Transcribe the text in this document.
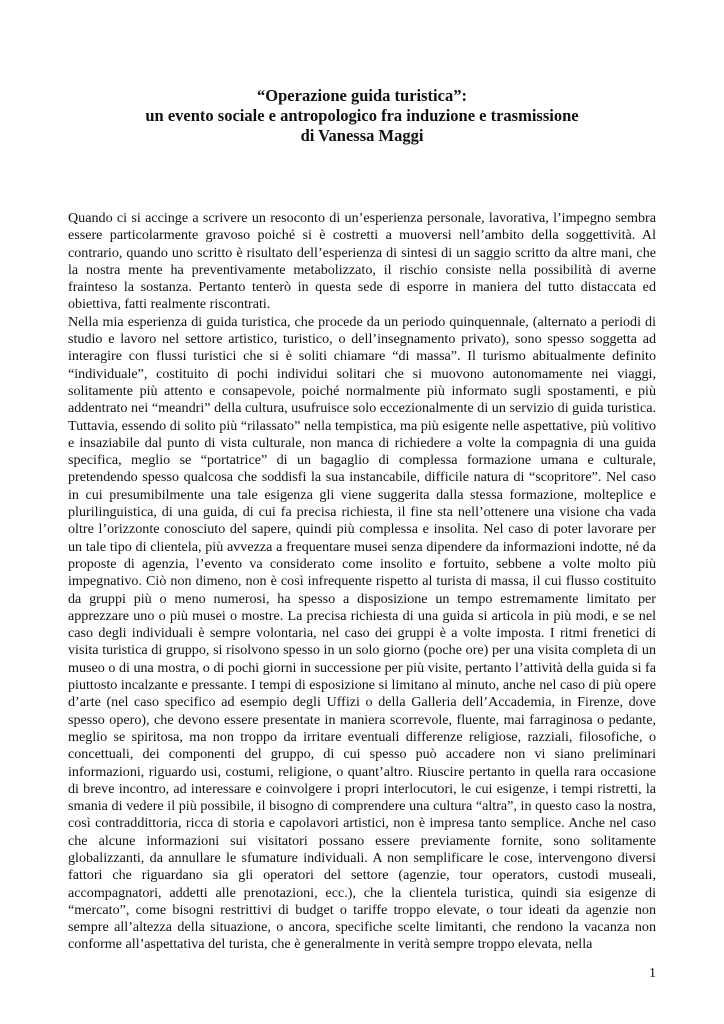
“Operazione guida turistica”:
un evento sociale e antropologico fra induzione e trasmissione
di Vanessa Maggi

Quando ci si accinge a scrivere un resoconto di un’esperienza personale, lavorativa, l’impegno sembra essere particolarmente gravoso poiché si è costretti a muoversi nell’ambito della soggettività. Al contrario, quando uno scritto è risultato dell’esperienza di sintesi di un saggio scritto da altre mani, che la nostra mente ha preventivamente metabolizzato, il rischio consiste nella possibilità di averne frainteso la sostanza. Pertanto tenterò in questa sede di esporre in maniera del tutto distaccata ed obiettiva, fatti realmente riscontrati.

Nella mia esperienza di guida turistica, che procede da un periodo quinquennale, (alternato a periodi di studio e lavoro nel settore artistico, turistico, o dell’insegnamento privato), sono spesso soggetta ad interagire con flussi turistici che si è soliti chiamare “di massa”. Il turismo abitualmente definito “individuale”, costituito di pochi individui solitari che si muovono autonomamente nei viaggi, solitamente più attento e consapevole, poiché normalmente più informato sugli spostamenti, e più addentrato nei “meandri” della cultura, usufruisce solo eccezionalmente di un servizio di guida turistica. Tuttavia, essendo di solito più “rilassato” nella tempistica, ma più esigente nelle aspettative, più volitivo e insaziabile dal punto di vista culturale, non manca di richiedere a volte la compagnia di una guida specifica, meglio se “portatrice” di un bagaglio di complessa formazione umana e culturale, pretendendo spesso qualcosa che soddisfi la sua instancabile, difficile natura di “scopritore”. Nel caso in cui presumibilmente una tale esigenza gli viene suggerita dalla stessa formazione, molteplice e plurilinguistica, di una guida, di cui fa precisa richiesta, il fine sta nell’ottenere una visione cha vada oltre l’orizzonte conosciuto del sapere, quindi più complessa e insolita. Nel caso di poter lavorare per un tale tipo di clientela, più avvezza a frequentare musei senza dipendere da informazioni indotte, né da proposte di agenzia, l’evento va considerato come insolito e fortuito, sebbene a volte molto più impegnativo. Ciò non dimeno, non è così infrequente rispetto al turista di massa, il cui flusso costituito da gruppi più o meno numerosi, ha spesso a disposizione un tempo estremamente limitato per apprezzare uno o più musei o mostre. La precisa richiesta di una guida si articola in più modi, e se nel caso degli individuali è sempre volontaria, nel caso dei gruppi è a volte imposta. I ritmi frenetici di visita turistica di gruppo, si risolvono spesso in un solo giorno (poche ore) per una visita completa di un museo o di una mostra, o di pochi giorni in successione per più visite, pertanto l’attività della guida si fa piuttosto incalzante e pressante. I tempi di esposizione si limitano al minuto, anche nel caso di più opere d’arte (nel caso specifico ad esempio degli Uffizi o della Galleria dell’Accademia, in Firenze, dove spesso opero), che devono essere presentate in maniera scorrevole, fluente, mai farraginosa o pedante, meglio se spiritosa, ma non troppo da irritare eventuali differenze religiose, razziali, filosofiche, o concettuali, dei componenti del gruppo, di cui spesso può accadere non vi siano preliminari informazioni, riguardo usi, costumi, religione, o quant’altro. Riuscire pertanto in quella rara occasione di breve incontro, ad interessare e coinvolgere i propri interlocutori, le cui esigenze, i tempi ristretti, la smania di vedere il più possibile, il bisogno di comprendere una cultura “altra”, in questo caso la nostra, così contraddittoria, ricca di storia e capolavori artistici, non è impresa tanto semplice. Anche nel caso che alcune informazioni sui visitatori possano essere previamente fornite, sono solitamente globalizzanti, da annullare le sfumature individuali. A non semplificare le cose, intervengono diversi fattori che riguardano sia gli operatori del settore (agenzie, tour operators, custodi museali, accompagnatori, addetti alle prenotazioni, ecc.), che la clientela turistica, quindi sia esigenze di “mercato”, come bisogni restrittivi di budget o tariffe troppo elevate, o tour ideati da agenzie non sempre all’altezza della situazione, o ancora, specifiche scelte limitanti, che rendono la vacanza non conforme all’aspettativa del turista, che è generalmente in verità sempre troppo elevata, nella

1
